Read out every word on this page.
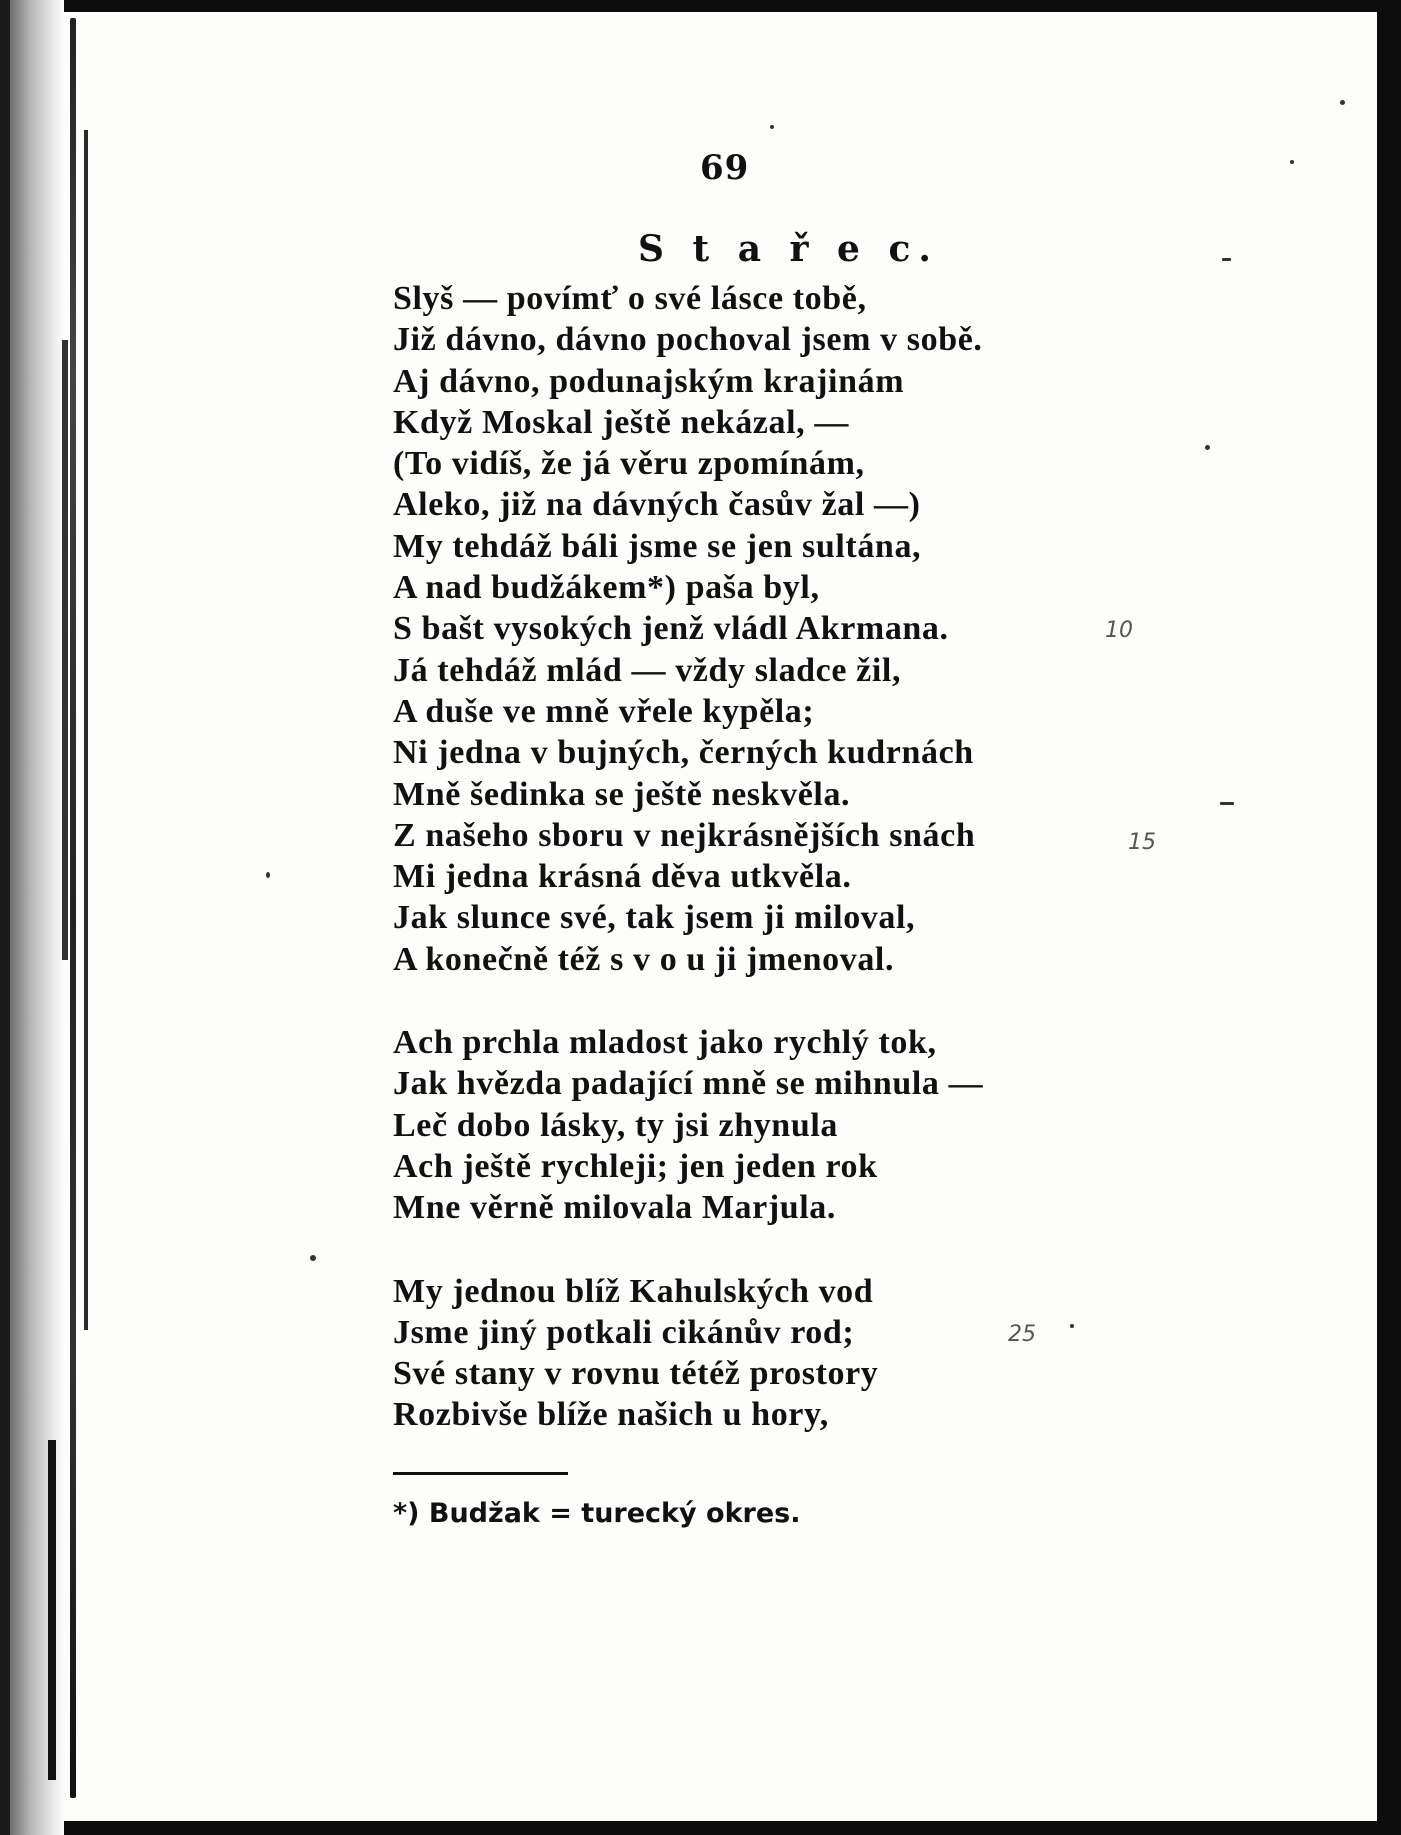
69
S t a ř e c.
Slyš — povímť o své lásce tobě,
Již dávno, dávno pochoval jsem v sobě.
Aj dávno, podunajským krajinám
Když Moskal ještě nekázal, —
(To vidíš, že já věru zpomínám,
Aleko, již na dávných časův žal —)
My tehdáž báli jsme se jen sultána,
A nad budžákem*) paša byl,
S bašt vysokých jenž vládl Akrmana.
Já tehdáž mlád — vždy sladce žil,
A duše ve mně vřele kypěla;
Ni jedna v bujných, černých kudrnách
Mně šedinka se ještě neskvěla.
Z našeho sboru v nejkrásnějších snách
Mi jedna krásná děva utkvěla.
Jak slunce své, tak jsem ji miloval,
A konečně též s v o u ji jmenoval.
Ach prchla mladost jako rychlý tok,
Jak hvězda padající mně se mihnula —
Leč dobo lásky, ty jsi zhynula
Ach ještě rychleji; jen jeden rok
Mne věrně milovala Marjula.
My jednou blíž Kahulských vod
Jsme jiný potkali cikánův rod;
Své stany v rovnu tétéž prostory
Rozbivše blíže našich u hory,
10
15
25
*) Budžak = turecký okres.
